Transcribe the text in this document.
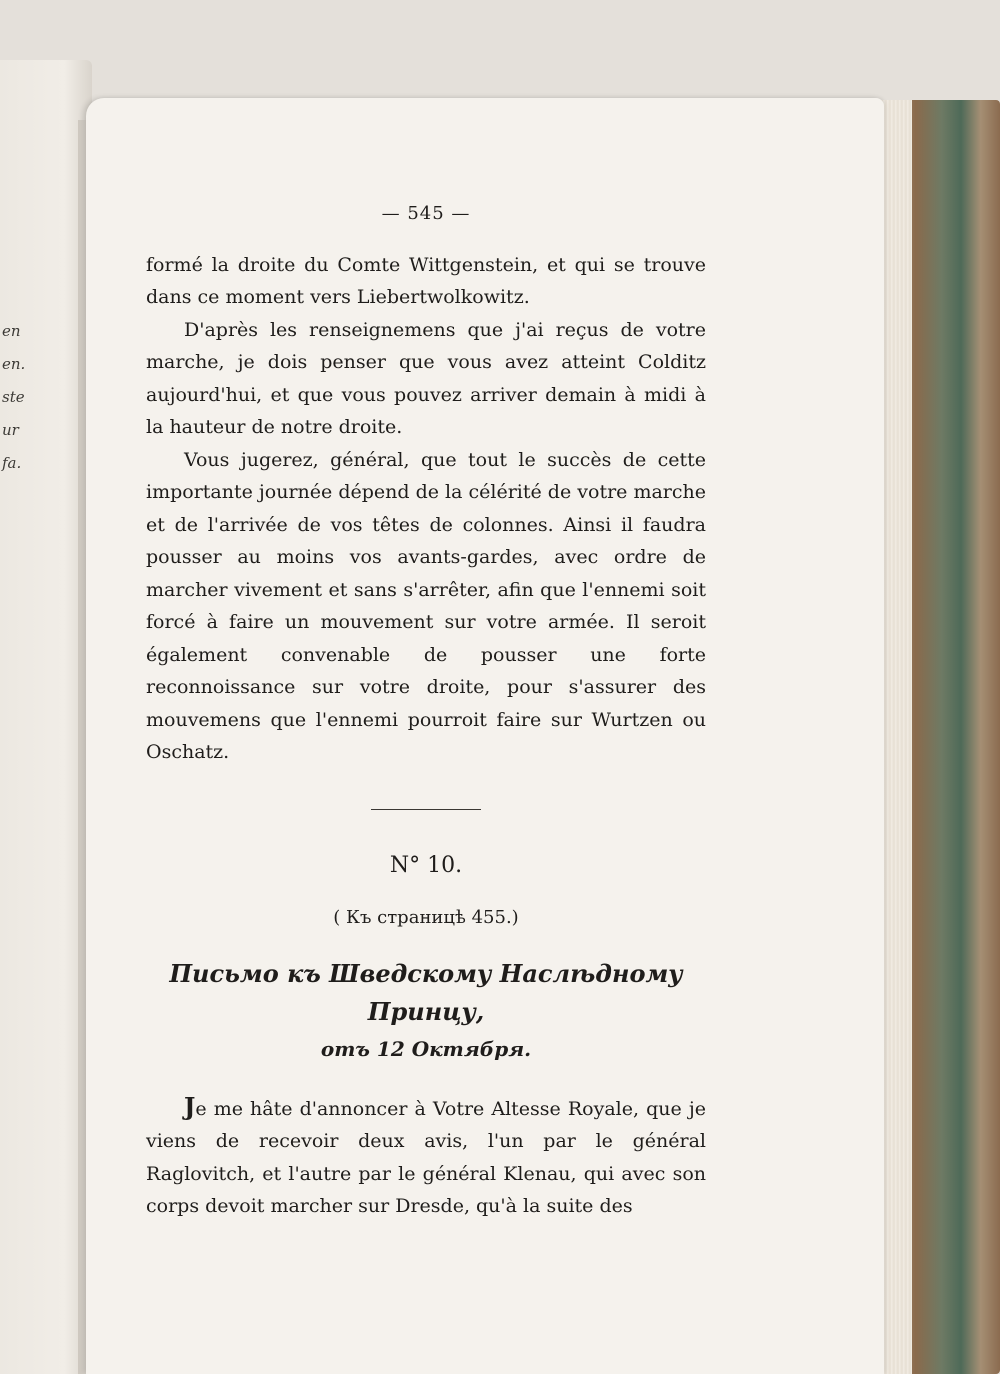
en
en.
ste
ur
fa.
— 545 —

formé la droite du Comte Wittgenstein, et qui se trouve dans ce moment vers Liebertwolkowitz.

D'après les renseignemens que j'ai reçus de votre marche, je dois penser que vous avez atteint Colditz aujourd'hui, et que vous pouvez arriver demain à midi à la hauteur de notre droite.

Vous jugerez, général, que tout le succès de cette importante journée dépend de la célérité de votre marche et de l'arrivée de vos têtes de colonnes. Ainsi il faudra pousser au moins vos avants-gardes, avec ordre de marcher vivement et sans s'arrêter, afin que l'ennemi soit forcé à faire un mouvement sur votre armée. Il seroit également convenable de pousser une forte reconnoissance sur votre droite, pour s'assurer des mouvemens que l'ennemi pourroit faire sur Wurtzen ou Oschatz.

N° 10.
( Къ страницѣ 455.)
Письмо къ Шведскому Наслѣдному Принцу,
отъ 12 Октября.

Je me hâte d'annoncer à Votre Altesse Royale, que je viens de recevoir deux avis, l'un par le général Raglovitch, et l'autre par le général Klenau, qui avec son corps devoit marcher sur Dresde, qu'à la suite des
